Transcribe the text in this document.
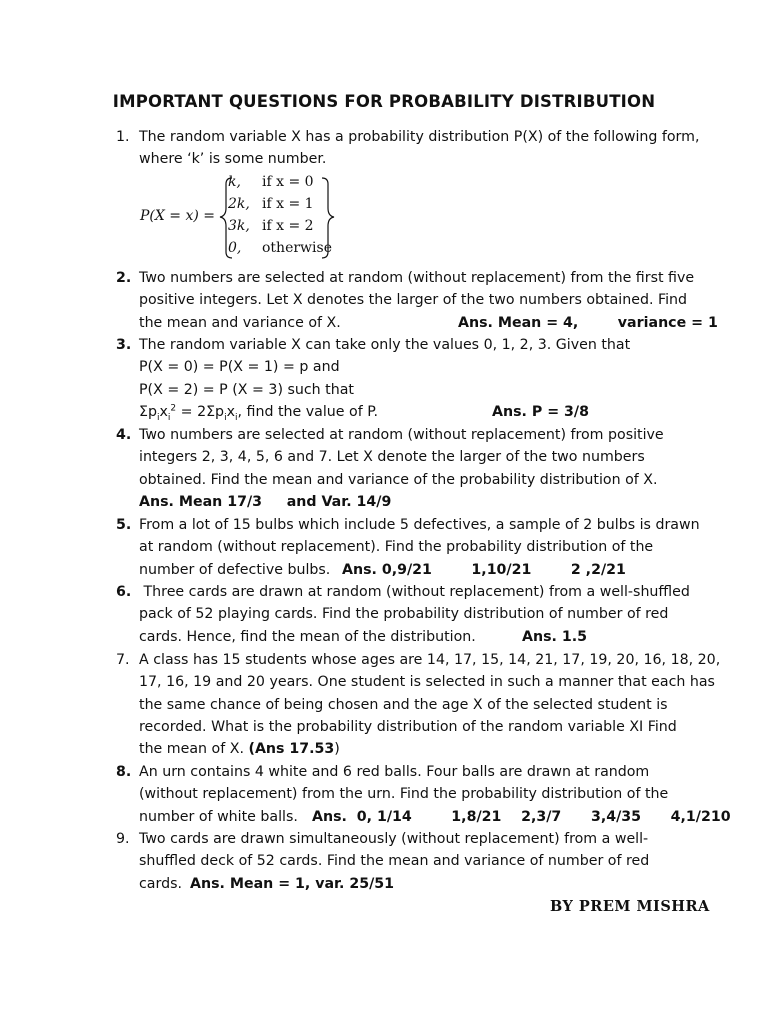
IMPORTANT QUESTIONS FOR PROBABILITY DISTRIBUTION
1. The random variable X has a probability distribution P(X) of the following form,
where ‘k’ is some number.
P(X = x) =
k, if x = 0
2k, if x = 1
3k, if x = 2
0, otherwise
2. Two numbers are selected at random (without replacement) from the first five
positive integers. Let X denotes the larger of the two numbers obtained. Find
the mean and variance of X.	Ans. Mean = 4,        variance = 1
3. The random variable X can take only the values 0, 1, 2, 3. Given that
P(X = 0) = P(X = 1) = p and
P(X = 2) = P (X = 3) such that
$\Sigma p_ix_i^2 = 2\Sigma p_ix_i$, find the value of P.	Ans. P = 3/8
4. Two numbers are selected at random (without replacement) from positive
integers 2, 3, 4, 5, 6 and 7. Let X denote the larger of the two numbers
obtained. Find the mean and variance of the probability distribution of X.
Ans. Mean 17/3     and Var. 14/9
5. From a lot of 15 bulbs which include 5 defectives, a sample of 2 bulbs is drawn
at random (without replacement). Find the probability distribution of the
number of defective bulbs. Ans. 0,9/21        1,10/21        2 ,2/21
6. Three cards are drawn at random (without replacement) from a well-shuffled
pack of 52 playing cards. Find the probability distribution of number of red
cards. Hence, find the mean of the distribution.	Ans. 1.5
7. A class has 15 students whose ages are 14, 17, 15, 14, 21, 17, 19, 20, 16, 18, 20,
17, 16, 19 and 20 years. One student is selected in such a manner that each has
the same chance of being chosen and the age X of the selected student is
recorded. What is the probability distribution of the random variable XI Find
the mean of X. (Ans 17.53)
8. An urn contains 4 white and 6 red balls. Four balls are drawn at random
(without replacement) from the urn. Find the probability distribution of the
number of white balls. Ans.  0, 1/14        1,8/21    2,3/7      3,4/35      4,1/210
9. Two cards are drawn simultaneously (without replacement) from a well-
shuffled deck of 52 cards. Find the mean and variance of number of red
cards. Ans. Mean = 1, var. 25/51
BY PREM MISHRA
